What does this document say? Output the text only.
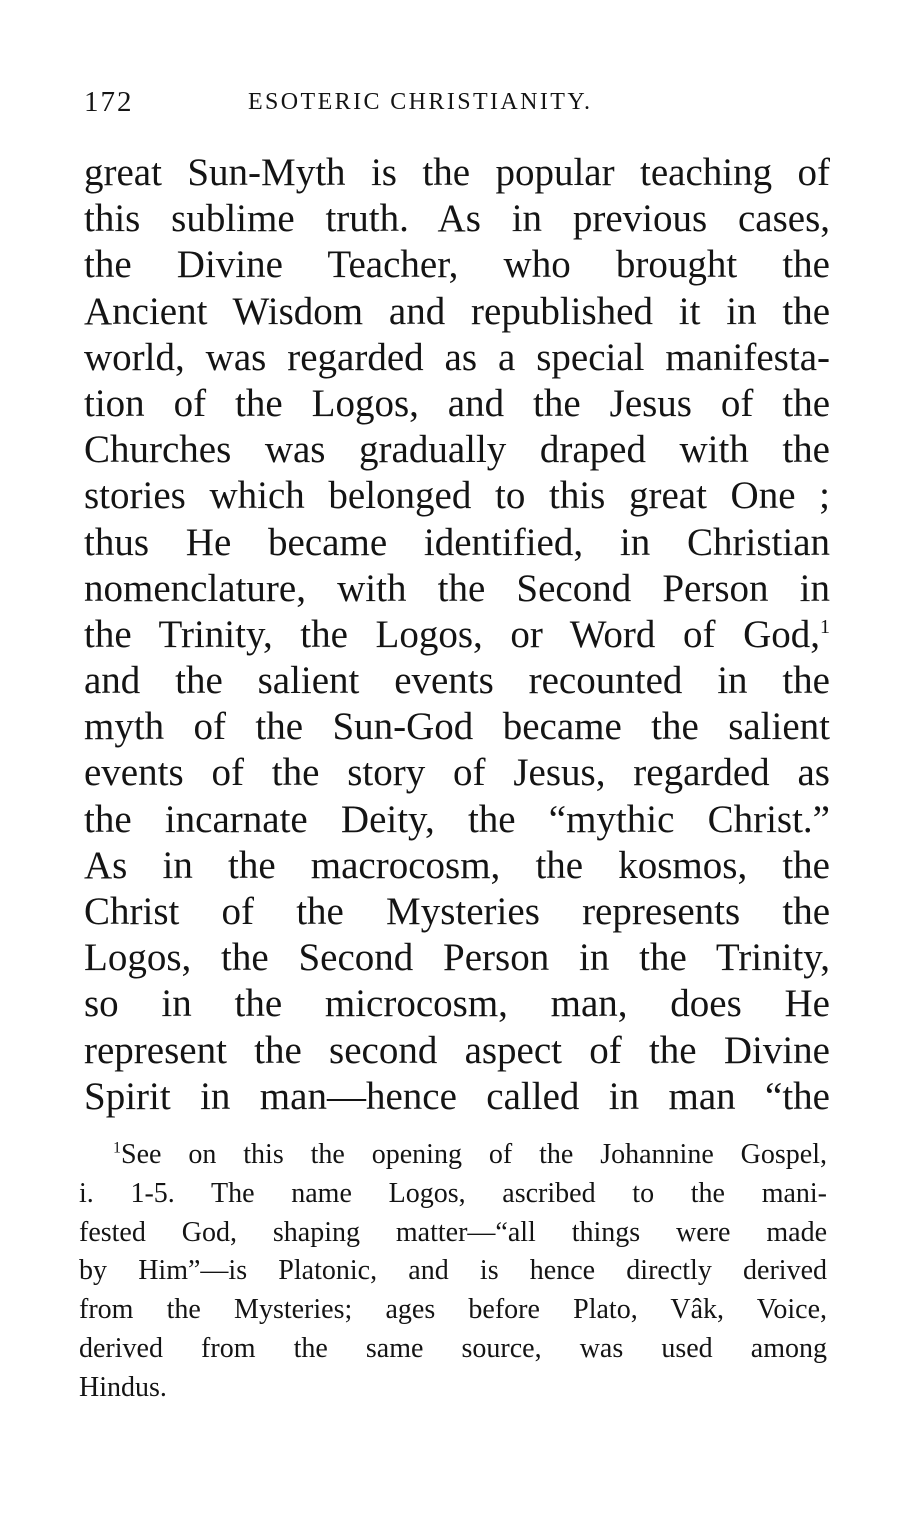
172	ESOTERIC CHRISTIANITY.
great Sun-Myth is the popular teaching of
this sublime truth. As in previous cases,
the Divine Teacher, who brought the
Ancient Wisdom and republished it in the
world, was regarded as a special manifesta-
tion of the Logos, and the Jesus of the
Churches was gradually draped with the
stories which belonged to this great One ;
thus He became identified, in Christian
nomenclature, with the Second Person in
the Trinity, the Logos, or Word of God,$^1$
and the salient events recounted in the
myth of the Sun-God became the salient
events of the story of Jesus, regarded as
the incarnate Deity, the “mythic Christ.”
As in the macrocosm, the kosmos, the
Christ of the Mysteries represents the
Logos, the Second Person in the Trinity,
so in the microcosm, man, does He
represent the second aspect of the Divine
Spirit in man—hence called in man “the
$^1$See on this the opening of the Johannine Gospel,
i. 1-5. The name Logos, ascribed to the mani-
fested God, shaping matter—“all things were made
by Him”—is Platonic, and is hence directly derived
from the Mysteries; ages before Plato, Vâk, Voice,
derived from the same source, was used among
Hindus.
